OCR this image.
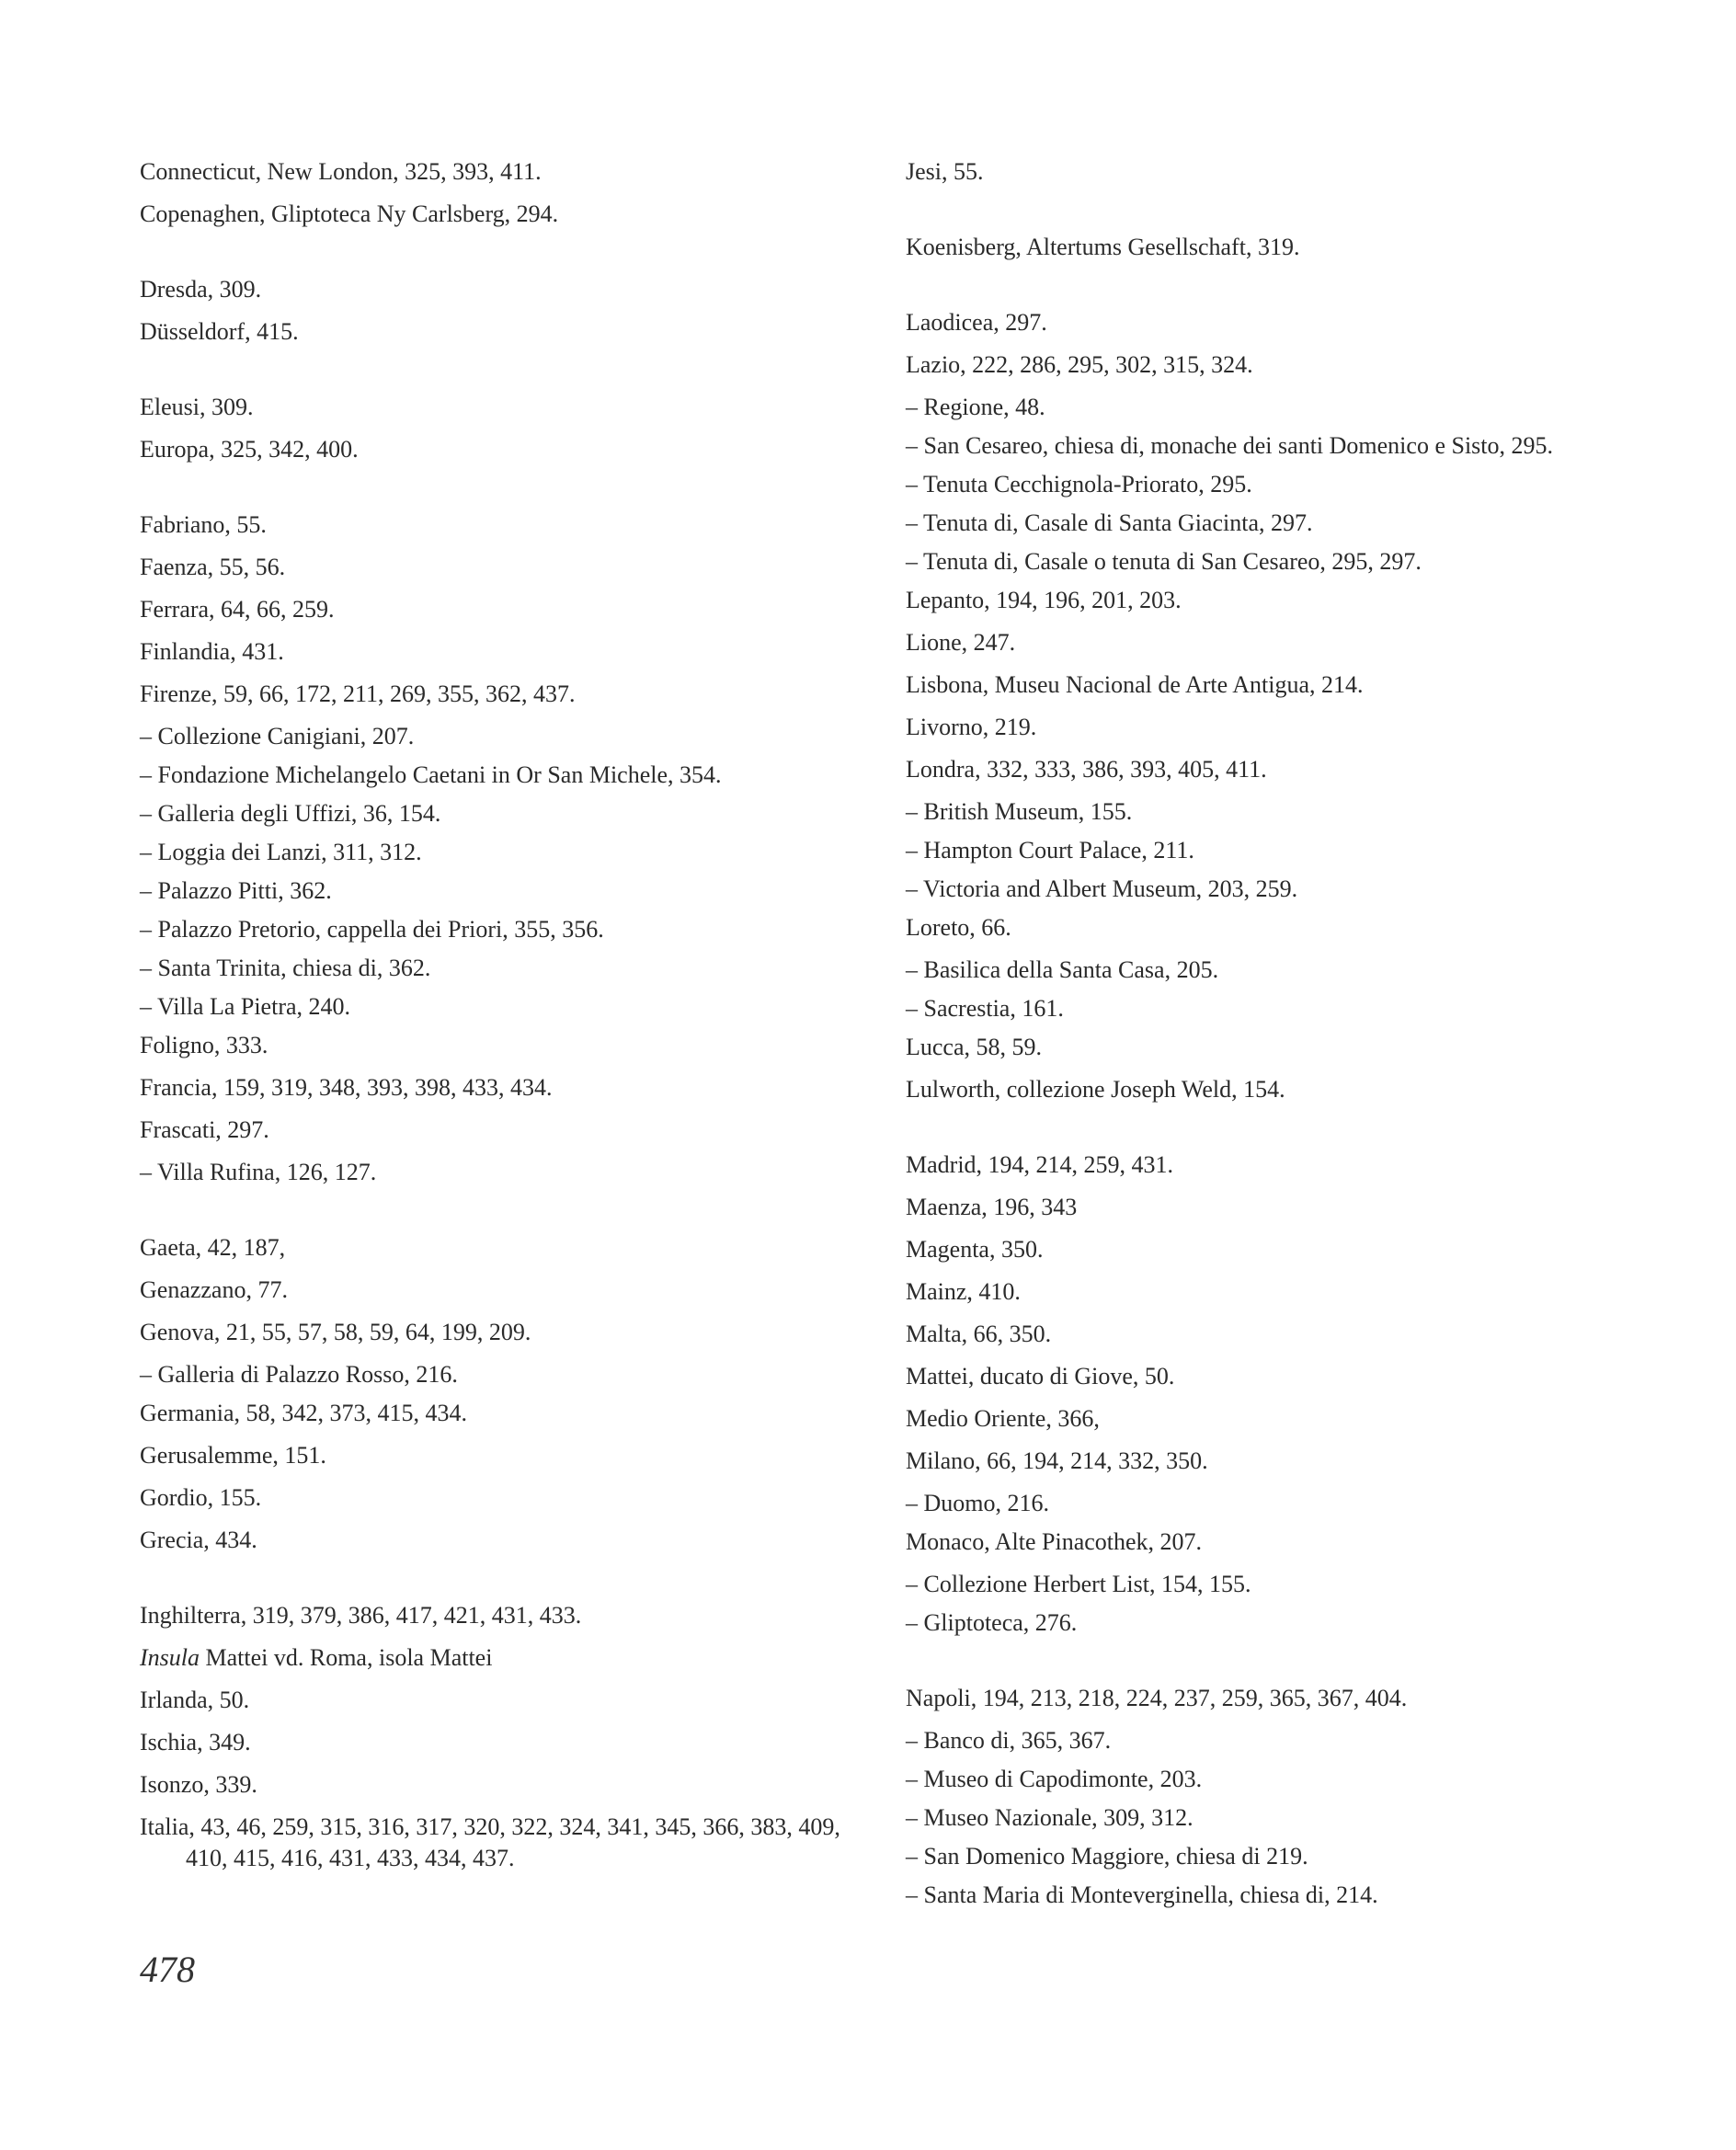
Connecticut, New London, 325, 393, 411.
Copenaghen, Gliptoteca Ny Carlsberg, 294.
Dresda, 309.
Düsseldorf, 415.
Eleusi, 309.
Europa, 325, 342, 400.
Fabriano, 55.
Faenza, 55, 56.
Ferrara, 64, 66, 259.
Finlandia, 431.
Firenze, 59, 66, 172, 211, 269, 355, 362, 437.
– Collezione Canigiani, 207.
– Fondazione Michelangelo Caetani in Or San Michele, 354.
– Galleria degli Uffizi, 36, 154.
– Loggia dei Lanzi, 311, 312.
– Palazzo Pitti, 362.
– Palazzo Pretorio, cappella dei Priori, 355, 356.
– Santa Trinita, chiesa di, 362.
– Villa La Pietra, 240.
Foligno, 333.
Francia, 159, 319, 348, 393, 398, 433, 434.
Frascati, 297.
– Villa Rufina, 126, 127.
Gaeta, 42, 187,
Genazzano, 77.
Genova, 21, 55, 57, 58, 59, 64, 199, 209.
– Galleria di Palazzo Rosso, 216.
Germania, 58, 342, 373, 415, 434.
Gerusalemme, 151.
Gordio, 155.
Grecia, 434.
Inghilterra, 319, 379, 386, 417, 421, 431, 433.
Insula Mattei vd. Roma, isola Mattei
Irlanda, 50.
Ischia, 349.
Isonzo, 339.
Italia, 43, 46, 259, 315, 316, 317, 320, 322, 324, 341, 345, 366, 383, 409, 410, 415, 416, 431, 433, 434, 437.
Jesi, 55.
Koenisberg, Altertums Gesellschaft, 319.
Laodicea, 297.
Lazio, 222, 286, 295, 302, 315, 324.
– Regione, 48.
– San Cesareo, chiesa di, monache dei santi Domenico e Sisto, 295.
– Tenuta Cecchignola-Priorato, 295.
– Tenuta di, Casale di Santa Giacinta, 297.
– Tenuta di, Casale o tenuta di San Cesareo, 295, 297.
Lepanto, 194, 196, 201, 203.
Lione, 247.
Lisbona, Museu Nacional de Arte Antigua, 214.
Livorno, 219.
Londra, 332, 333, 386, 393, 405, 411.
– British Museum, 155.
– Hampton Court Palace, 211.
– Victoria and Albert Museum, 203, 259.
Loreto, 66.
– Basilica della Santa Casa, 205.
– Sacrestia, 161.
Lucca, 58, 59.
Lulworth, collezione Joseph Weld, 154.
Madrid, 194, 214, 259, 431.
Maenza, 196, 343
Magenta, 350.
Mainz, 410.
Malta, 66, 350.
Mattei, ducato di Giove, 50.
Medio Oriente, 366,
Milano, 66, 194, 214, 332, 350.
– Duomo, 216.
Monaco, Alte Pinacothek, 207.
– Collezione Herbert List, 154, 155.
– Gliptoteca, 276.
Napoli, 194, 213, 218, 224, 237, 259, 365, 367, 404.
– Banco di, 365, 367.
– Museo di Capodimonte, 203.
– Museo Nazionale, 309, 312.
– San Domenico Maggiore, chiesa di 219.
– Santa Maria di Monteverginella, chiesa di, 214.
478
